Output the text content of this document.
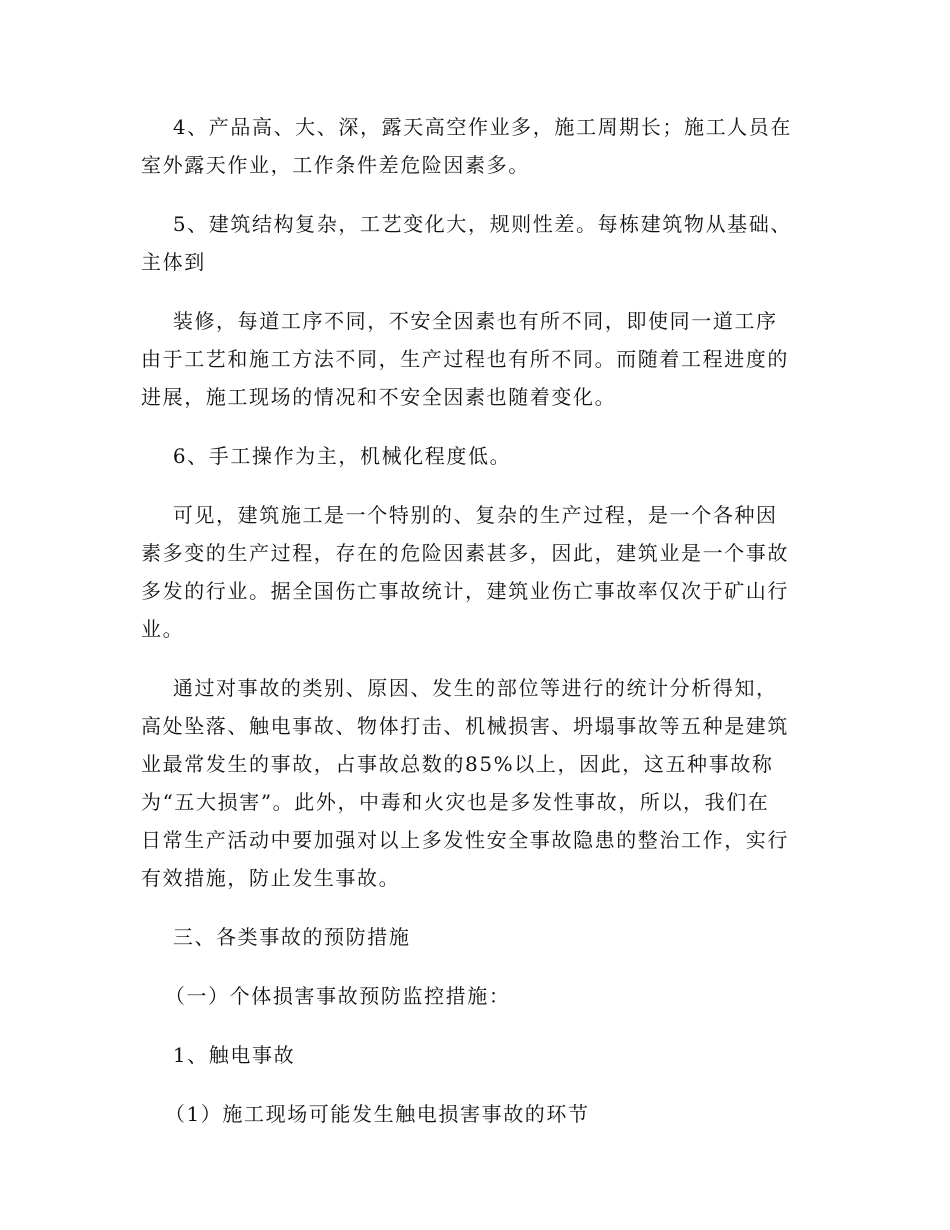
4、产品高、大、深，露天高空作业多，施工周期长；施工人员在
室外露天作业，工作条件差危险因素多。

5、建筑结构复杂，工艺变化大，规则性差。每栋建筑物从基础、
主体到

装修，每道工序不同，不安全因素也有所不同，即使同一道工序
由于工艺和施工方法不同，生产过程也有所不同。而随着工程进度的
进展，施工现场的情况和不安全因素也随着变化。

6、手工操作为主，机械化程度低。

可见，建筑施工是一个特别的、复杂的生产过程，是一个各种因
素多变的生产过程，存在的危险因素甚多，因此，建筑业是一个事故
多发的行业。据全国伤亡事故统计，建筑业伤亡事故率仅次于矿山行
业。

通过对事故的类别、原因、发生的部位等进行的统计分析得知，
高处坠落、触电事故、物体打击、机械损害、坍塌事故等五种是建筑
业最常发生的事故，占事故总数的85%以上，因此，这五种事故称
为“五大损害”。此外，中毒和火灾也是多发性事故，所以，我们在
日常生产活动中要加强对以上多发性安全事故隐患的整治工作，实行
有效措施，防止发生事故。

三、各类事故的预防措施

（一）个体损害事故预防监控措施：

1、触电事故

（1）施工现场可能发生触电损害事故的环节
